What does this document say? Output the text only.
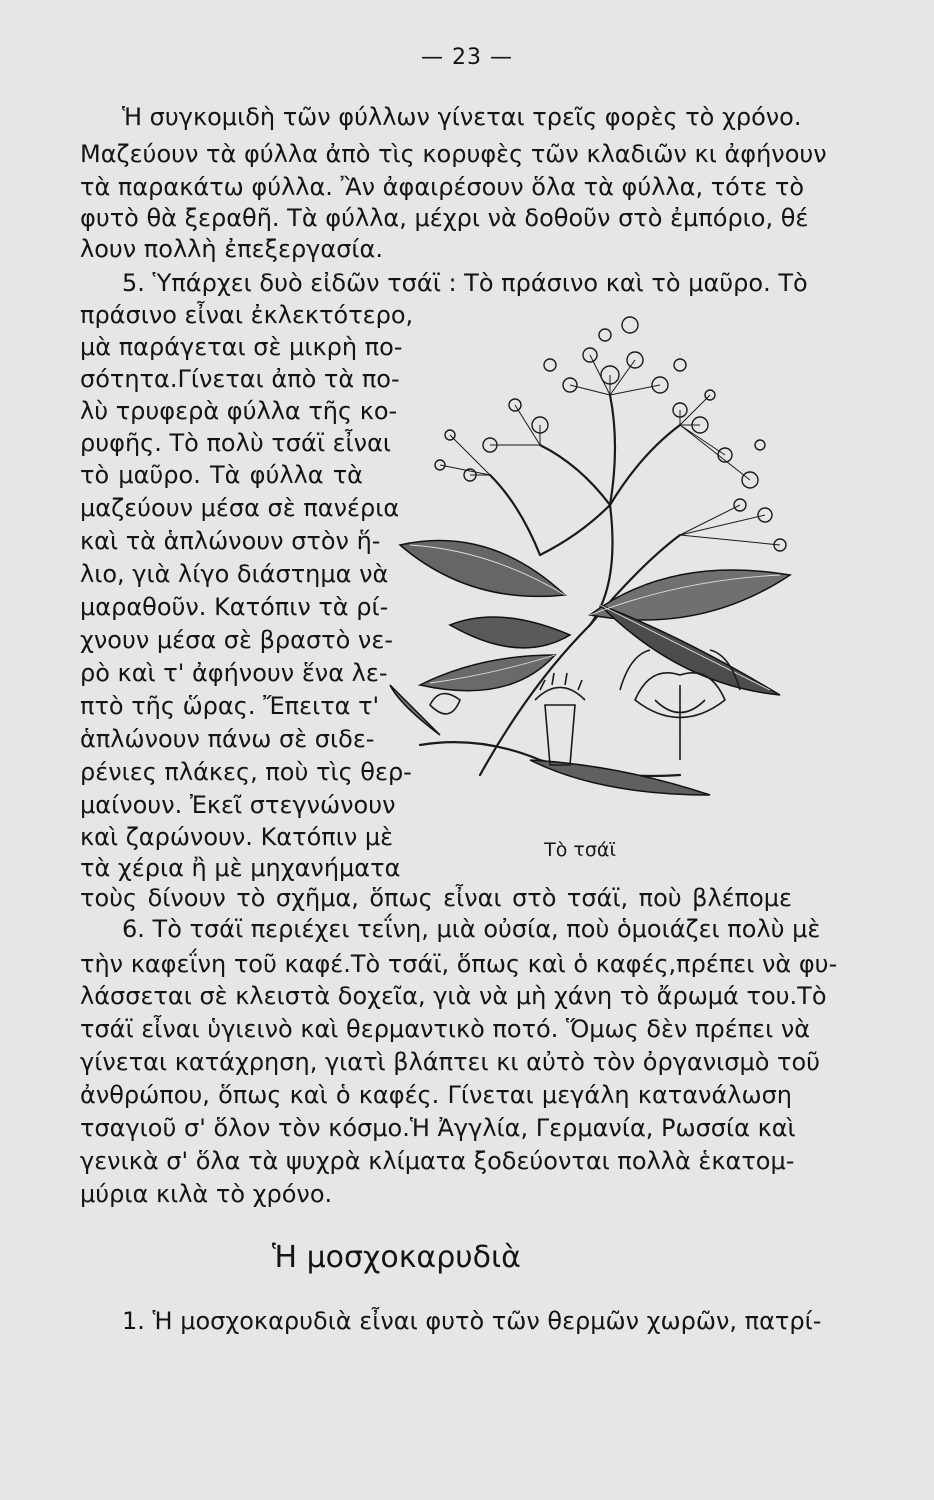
— 23 —
Ἡ συγκομιδὴ τῶν φύλλων γίνεται τρεῖς φορὲς τὸ χρόνο.
Μαζεύουν τὰ φύλλα ἀπὸ τὶς κορυφὲς τῶν κλαδιῶν κι ἀφήνουν
τὰ παρακάτω φύλλα. Ἂν ἀφαιρέσουν ὅλα τὰ φύλλα, τότε τὸ
φυτὸ θὰ ξεραθῆ. Τὰ φύλλα, μέχρι νὰ δοθοῦν στὸ ἐμπόριο, θέ
λουν πολλὴ ἐπεξεργασία.
5. Ὑπάρχει δυὸ εἰδῶν τσάϊ : Τὸ πράσινο καὶ τὸ μαῦρο. Τὸ
πράσινο εἶναι ἐκλεκτότερο,
μὰ παράγεται σὲ μικρὴ πο-
σότητα.Γίνεται ἀπὸ τὰ πο-
λὺ τρυφερὰ φύλλα τῆς κο-
ρυφῆς. Τὸ πολὺ τσάϊ εἶναι
τὸ μαῦρο. Τὰ φύλλα τὰ
μαζεύουν μέσα σὲ πανέρια
καὶ τὰ ἁπλώνουν στὸν ἥ-
λιο, γιὰ λίγο διάστημα νὰ
μαραθοῦν. Κατόπιν τὰ ρί-
χνουν μέσα σὲ βραστὸ νε-
ρὸ καὶ τ' ἀφήνουν ἕνα λε-
πτὸ τῆς ὥρας. Ἔπειτα τ'
ἁπλώνουν πάνω σὲ σιδε-
ρένιες πλάκες, ποὺ τὶς θερ-
μαίνουν. Ἐκεῖ στεγνώνουν
καὶ ζαρώνουν. Κατόπιν μὲ
τὰ χέρια ἢ μὲ μηχανήματα
Τὸ τσάϊ
τοὺς δίνουν τὸ σχῆμα, ὅπως εἶναι στὸ τσάϊ, ποὺ βλέπομε
6. Τὸ τσάϊ περιέχει τεΐνη, μιὰ οὐσία, ποὺ ὁμοιάζει πολὺ μὲ
τὴν καφεΐνη τοῦ καφέ.Τὸ τσάϊ, ὅπως καὶ ὁ καφές,πρέπει νὰ φυ-
λάσσεται σὲ κλειστὰ δοχεῖα, γιὰ νὰ μὴ χάνη τὸ ἄρωμά του.Τὸ
τσάϊ εἶναι ὑγιεινὸ καὶ θερμαντικὸ ποτό. Ὅμως δὲν πρέπει νὰ
γίνεται κατάχρηση, γιατὶ βλάπτει κι αὐτὸ τὸν ὀργανισμὸ τοῦ
ἀνθρώπου, ὅπως καὶ ὁ καφές. Γίνεται μεγάλη κατανάλωση
τσαγιοῦ σ' ὅλον τὸν κόσμο.Ἡ Ἀγγλία, Γερμανία, Ρωσσία καὶ
γενικὰ σ' ὅλα τὰ ψυχρὰ κλίματα ξοδεύονται πολλὰ ἑκατομ-
μύρια κιλὰ τὸ χρόνο.
Ἡ μοσχοκαρυδιὰ
1. Ἡ μοσχοκαρυδιὰ εἶναι φυτὸ τῶν θερμῶν χωρῶν, πατρί-
